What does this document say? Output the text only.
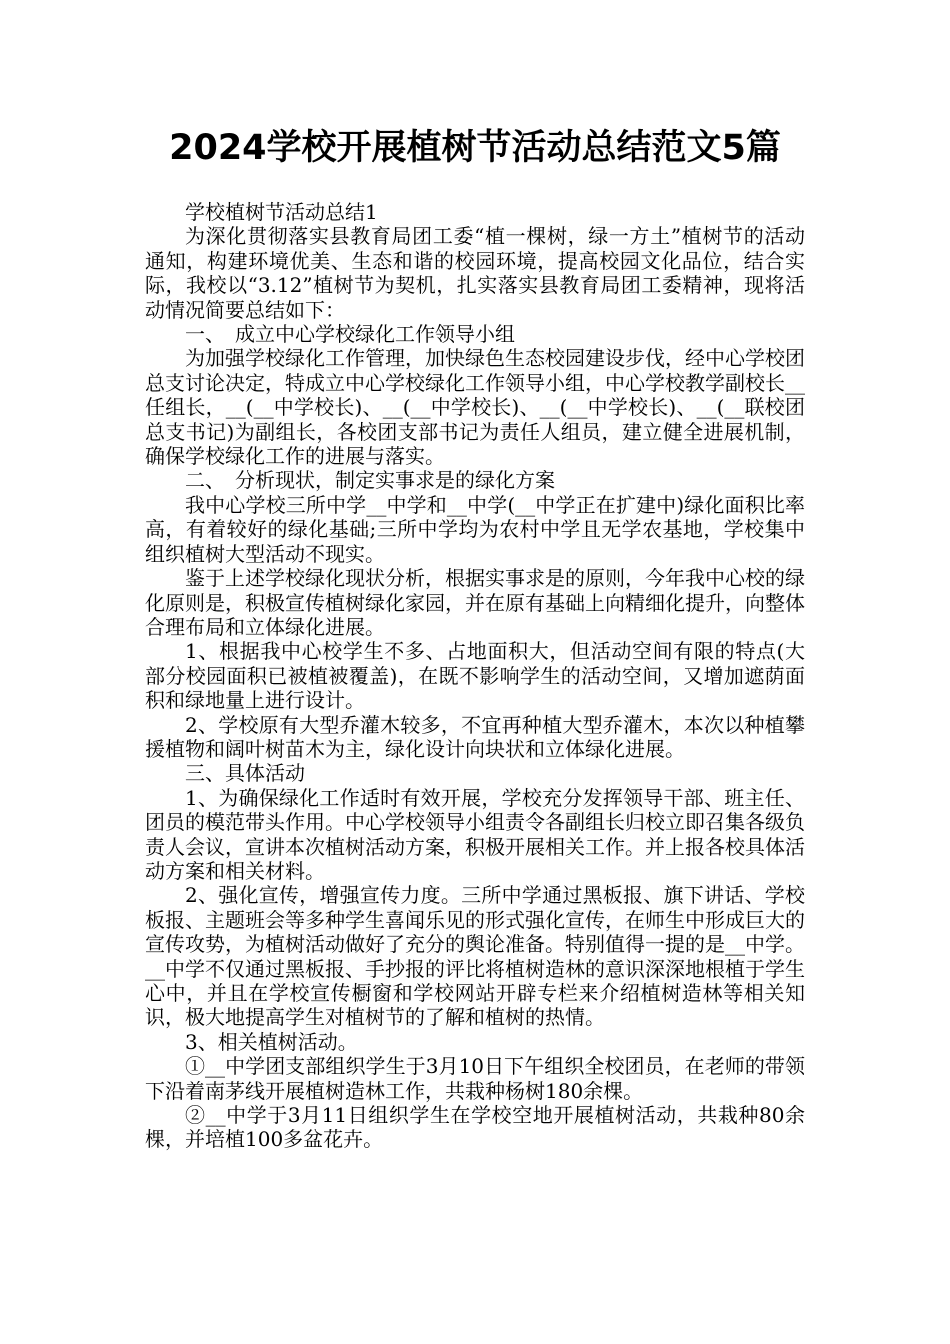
2024学校开展植树节活动总结范文5篇

学校植树节活动总结1

为深化贯彻落实县教育局团工委“植一棵树，绿一方土”植树节的活动通知，构建环境优美、生态和谐的校园环境，提高校园文化品位，结合实际，我校以“3.12”植树节为契机，扎实落实县教育局团工委精神，现将活动情况简要总结如下：

一、　成立中心学校绿化工作领导小组

为加强学校绿化工作管理，加快绿色生态校园建设步伐，经中心学校团总支讨论决定，特成立中心学校绿化工作领导小组，中心学校教学副校长__任组长，__(__中学校长)、__(__中学校长)、__(__中学校长)、__(__联校团总支书记)为副组长，各校团支部书记为责任人组员，建立健全进展机制，确保学校绿化工作的进展与落实。

二、　分析现状，制定实事求是的绿化方案

我中心学校三所中学__中学和__中学(__中学正在扩建中)绿化面积比率高，有着较好的绿化基础;三所中学均为农村中学且无学农基地，学校集中组织植树大型活动不现实。

鉴于上述学校绿化现状分析，根据实事求是的原则，今年我中心校的绿化原则是，积极宣传植树绿化家园，并在原有基础上向精细化提升，向整体合理布局和立体绿化进展。

1、根据我中心校学生不多、占地面积大，但活动空间有限的特点(大部分校园面积已被植被覆盖)，在既不影响学生的活动空间，又增加遮荫面积和绿地量上进行设计。

2、学校原有大型乔灌木较多，不宜再种植大型乔灌木，本次以种植攀援植物和阔叶树苗木为主，绿化设计向块状和立体绿化进展。

三、具体活动

1、为确保绿化工作适时有效开展，学校充分发挥领导干部、班主任、团员的模范带头作用。中心学校领导小组责令各副组长归校立即召集各级负责人会议，宣讲本次植树活动方案，积极开展相关工作。并上报各校具体活动方案和相关材料。

2、强化宣传，增强宣传力度。三所中学通过黑板报、旗下讲话、学校板报、主题班会等多种学生喜闻乐见的形式强化宣传，在师生中形成巨大的宣传攻势，为植树活动做好了充分的舆论准备。特别值得一提的是__中学。__中学不仅通过黑板报、手抄报的评比将植树造林的意识深深地根植于学生心中，并且在学校宣传橱窗和学校网站开辟专栏来介绍植树造林等相关知识，极大地提高学生对植树节的了解和植树的热情。

3、相关植树活动。

①__中学团支部组织学生于3月10日下午组织全校团员，在老师的带领下沿着南茅线开展植树造林工作，共栽种杨树180余棵。

②__中学于3月11日组织学生在学校空地开展植树活动，共栽种80余棵，并培植100多盆花卉。
